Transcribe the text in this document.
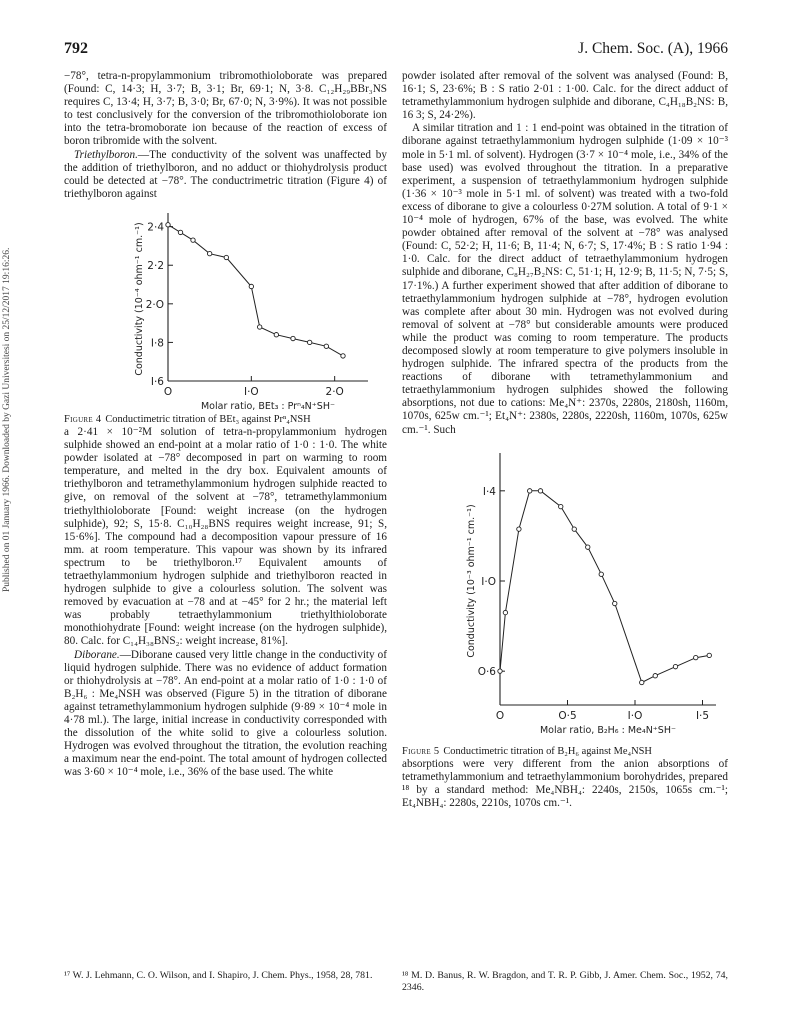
Published on 01 January 1966. Downloaded by Gazi Universitesi on 25/12/2017 19:16:26.
792	J. Chem. Soc. (A), 1966

−78°, tetra-n-propylammonium tribromothioloborate was prepared (Found: C, 14·3; H, 3·7; B, 3·1; Br, 69·1; N, 3·8. C₁₂H₂₉BBr₃NS requires C, 13·4; H, 3·7; B, 3·0; Br, 67·0; N, 3·9%). It was not possible to test conclusively for the conversion of the tribromothioloborate ion into the tetra-bromoborate ion because of the reaction of excess of boron tribromide with the solvent.

Triethylboron.—The conductivity of the solvent was unaffected by the addition of triethylboron, and no adduct or thiohydrolysis product could be detected at −78°. The conductrimetric titration (Figure 4) of triethylboron against

I·6
I·8
2·O
2·2
2·4
O	I·O	2·O
Molar ratio, BEt₃ : Prⁿ₄N⁺SH⁻
Conductivity (10⁻⁴ ohm⁻¹ cm.⁻¹)

Figure 4 Conductimetric titration of BEt₃ against Prⁿ₄NSH

a 2·41 × 10⁻²M solution of tetra-n-propylammonium hydrogen sulphide showed an end-point at a molar ratio of 1·0 : 1·0. The white powder isolated at −78° decomposed in part on warming to room temperature, and melted in the dry box. Equivalent amounts of triethylboron and tetramethylammonium hydrogen sulphide reacted to give, on removal of the solvent at −78°, tetramethylammonium triethylthioloborate [Found: weight increase (on the hydrogen sulphide), 92; S, 15·8. C₁₀H₂₈BNS requires weight increase, 91; S, 15·6%]. The compound had a decomposition vapour pressure of 16 mm. at room temperature. This vapour was shown by its infrared spectrum to be triethylboron.¹⁷ Equivalent amounts of tetraethylammonium hydrogen sulphide and triethylboron reacted in hydrogen sulphide to give a colourless solution. The solvent was removed by evacuation at −78 and at −45° for 2 hr.; the material left was probably tetraethylammonium triethylthioloborate monothiohydrate [Found: weight increase (on the hydrogen sulphide), 80. Calc. for C₁₄H₃₈BNS₂: weight increase, 81%].

Diborane.—Diborane caused very little change in the conductivity of liquid hydrogen sulphide. There was no evidence of adduct formation or thiohydrolysis at −78°. An end-point at a molar ratio of 1·0 : 1·0 of B₂H₆ : Me₄NSH was observed (Figure 5) in the titration of diborane against tetramethylammonium hydrogen sulphide (9·89 × 10⁻⁴ mole in 4·78 ml.). The large, initial increase in conductivity corresponded with the dissolution of the white solid to give a colourless solution. Hydrogen was evolved throughout the titration, the evolution reaching a maximum near the end-point. The total amount of hydrogen collected was 3·60 × 10⁻⁴ mole, i.e., 36% of the base used. The white

powder isolated after removal of the solvent was analysed (Found: B, 16·1; S, 23·6%; B : S ratio 2·01 : 1·00. Calc. for the direct adduct of tetramethylammonium hydrogen sulphide and diborane, C₄H₁₈B₂NS: B, 16 3; S, 24·2%).

A similar titration and 1 : 1 end-point was obtained in the titration of diborane against tetraethylammonium hydrogen sulphide (1·09 × 10⁻³ mole in 5·1 ml. of solvent). Hydrogen (3·7 × 10⁻⁴ mole, i.e., 34% of the base used) was evolved throughout the titration. In a preparative experiment, a suspension of tetraethylammonium hydrogen sulphide (1·36 × 10⁻³ mole in 5·1 ml. of solvent) was treated with a two-fold excess of diborane to give a colourless 0·27M solution. A total of 9·1 × 10⁻⁴ mole of hydrogen, 67% of the base, was evolved. The white powder obtained after removal of the solvent at −78° was analysed (Found: C, 52·2; H, 11·6; B, 11·4; N, 6·7; S, 17·4%; B : S ratio 1·94 : 1·0. Calc. for the direct adduct of tetraethylammonium hydrogen sulphide and diborane, C₈H₂₇B₂NS: C, 51·1; H, 12·9; B, 11·5; N, 7·5; S, 17·1%.) A further experiment showed that after addition of diborane to tetraethylammonium hydrogen sulphide at −78°, hydrogen evolution was complete after about 30 min. Hydrogen was not evolved during removal of solvent at −78° but considerable amounts were produced while the product was coming to room temperature. The products decomposed slowly at room temperature to give polymers insoluble in hydrogen sulphide. The infrared spectra of the products from the reactions of diborane with tetramethylammonium and tetraethylammonium hydrogen sulphides showed the following absorptions, not due to cations: Me₄N⁺: 2370s, 2280s, 2180sh, 1160m, 1070s, 625w cm.⁻¹; Et₄N⁺: 2380s, 2280s, 2220sh, 1160m, 1070s, 625w cm.⁻¹. Such

O·6
I·O
I·4
O	O·5	I·O	I·5
Molar ratio, B₂H₆ : Me₄N⁺SH⁻
Conductivity (10⁻³ ohm⁻¹ cm.⁻¹)

Figure 5 Conductimetric titration of B₂H₆ against Me₄NSH

absorptions were very different from the anion absorptions of tetramethylammonium and tetraethylammonium borohydrides, prepared ¹⁸ by a standard method: Me₄NBH₄: 2240s, 2150s, 1065s cm.⁻¹; Et₄NBH₄: 2280s, 2210s, 1070s cm.⁻¹.

¹⁷ W. J. Lehmann, C. O. Wilson, and I. Shapiro, J. Chem. Phys., 1958, 28, 781.	¹⁸ M. D. Banus, R. W. Bragdon, and T. R. P. Gibb, J. Amer. Chem. Soc., 1952, 74, 2346.
